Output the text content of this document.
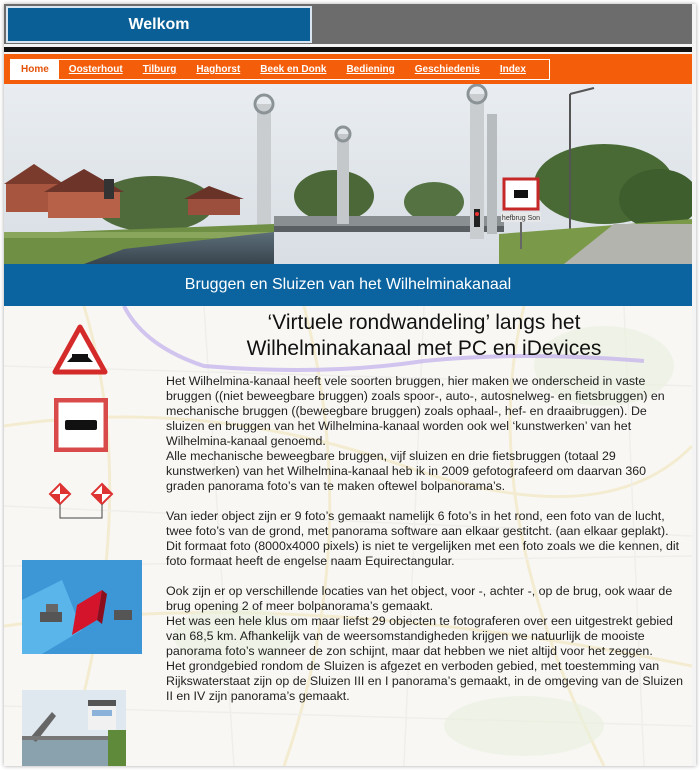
Welkom
Home	Oosterhout	Tilburg	Haghorst	Beek en Donk	Bediening	Geschiedenis	Index
hefbrug Son
Bruggen en Sluizen van het Wilhelminakanaal
‘Virtuele rondwandeling’ langs het
Wilhelminakanaal met PC en iDevices

Het Wilhelmina-kanaal heeft vele soorten bruggen, hier maken we onderscheid in vaste bruggen ((niet beweegbare bruggen) zoals spoor-, auto-, autosnelweg- en fietsbruggen) en mechanische bruggen ((beweegbare bruggen) zoals ophaal-, hef- en draaibruggen). De sluizen en bruggen van het Wilhelmina-kanaal worden ook wel ‘kunstwerken’ van het Wilhelmina-kanaal genoemd.

Alle mechanische beweegbare bruggen, vijf sluizen en drie fietsbruggen (totaal 29 kunstwerken) van het Wilhelmina-kanaal heb ik in 2009 gefotografeerd om daarvan 360 graden panorama foto’s van te maken oftewel bolpanorama’s.

Van ieder object zijn er 9 foto’s gemaakt namelijk 6 foto’s in het rond, een foto van de lucht, twee foto’s van de grond, met panorama software aan elkaar gestitcht. (aan elkaar geplakt).

Dit formaat foto (8000x4000 pixels) is niet te vergelijken met een foto zoals we die kennen, dit foto formaat heeft de engelse naam Equirectangular.

Ook zijn er op verschillende locaties van het object, voor -, achter -, op de brug, ook waar de brug opening 2 of meer bolpanorama’s gemaakt.

Het was een hele klus om maar liefst 29 objecten te fotograferen over een uitgestrekt gebied van 68,5 km. Afhankelijk van de weersomstandigheden krijgen we natuurlijk de mooiste panorama foto’s wanneer de zon schijnt, maar dat hebben we niet altijd voor het zeggen.

Het grondgebied rondom de Sluizen is afgezet en verboden gebied, met toestemming van Rijkswaterstaat zijn op de Sluizen III en I panorama’s gemaakt, in de omgeving van de Sluizen II en IV zijn panorama’s gemaakt.
